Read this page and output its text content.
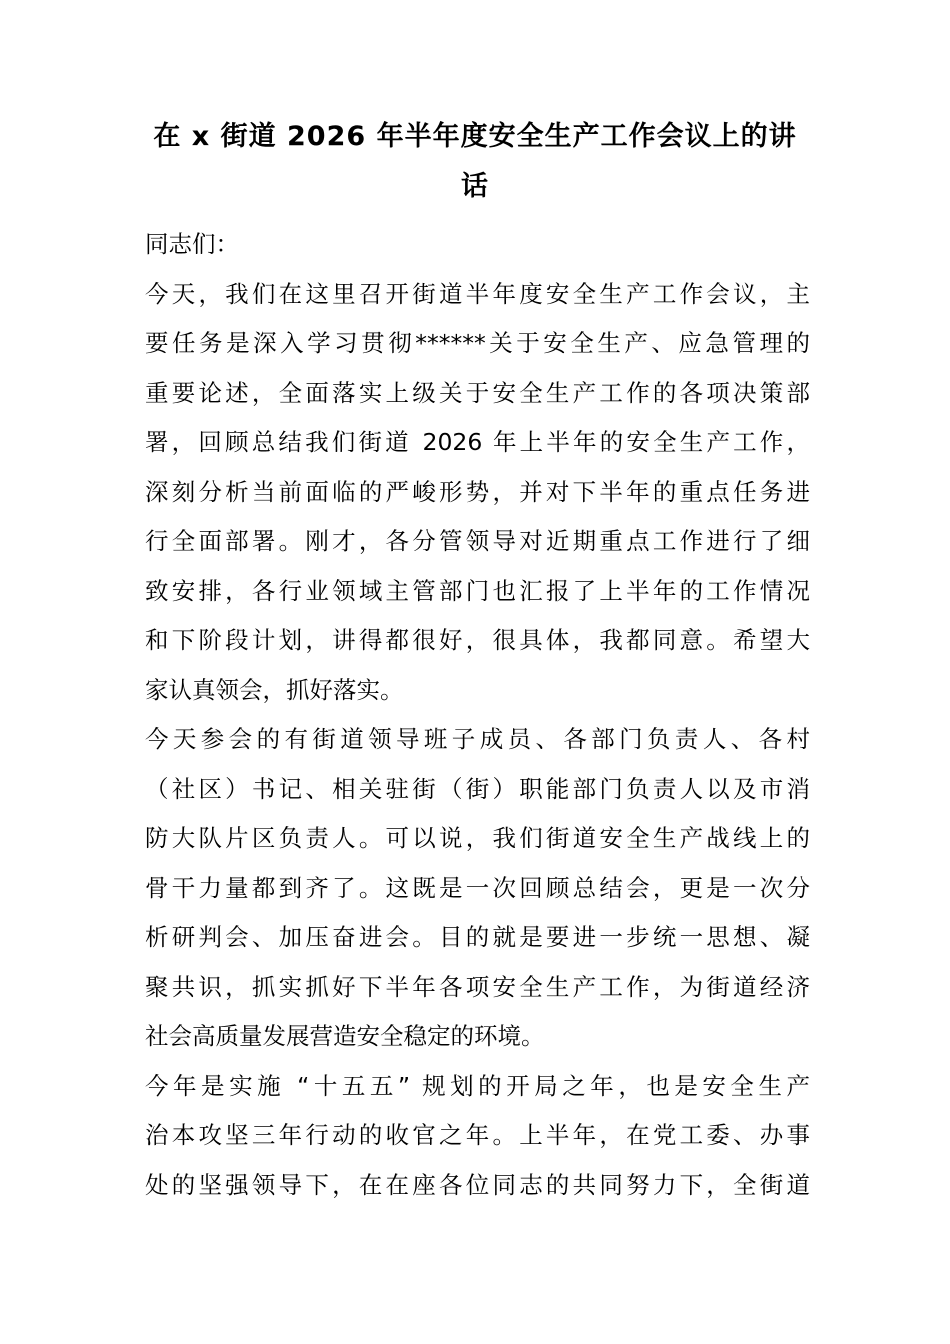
在 x 街道 2026 年半年度安全生产工作会议上的讲
话
同志们：
今天，我们在这里召开街道半年度安全生产工作会议，主
要任务是深入学习贯彻******关于安全生产、应急管理的
重要论述，全面落实上级关于安全生产工作的各项决策部
署，回顾总结我们街道 2026 年上半年的安全生产工作，
深刻分析当前面临的严峻形势，并对下半年的重点任务进
行全面部署。刚才，各分管领导对近期重点工作进行了细
致安排，各行业领域主管部门也汇报了上半年的工作情况
和下阶段计划，讲得都很好，很具体，我都同意。希望大
家认真领会，抓好落实。
今天参会的有街道领导班子成员、各部门负责人、各村
（社区）书记、相关驻街（街）职能部门负责人以及市消
防大队片区负责人。可以说，我们街道安全生产战线上的
骨干力量都到齐了。这既是一次回顾总结会，更是一次分
析研判会、加压奋进会。目的就是要进一步统一思想、凝
聚共识，抓实抓好下半年各项安全生产工作，为街道经济
社会高质量发展营造安全稳定的环境。
今年是实施 “十五五” 规划的开局之年，也是安全生产
治本攻坚三年行动的收官之年。上半年，在党工委、办事
处的坚强领导下，在在座各位同志的共同努力下，全街道
